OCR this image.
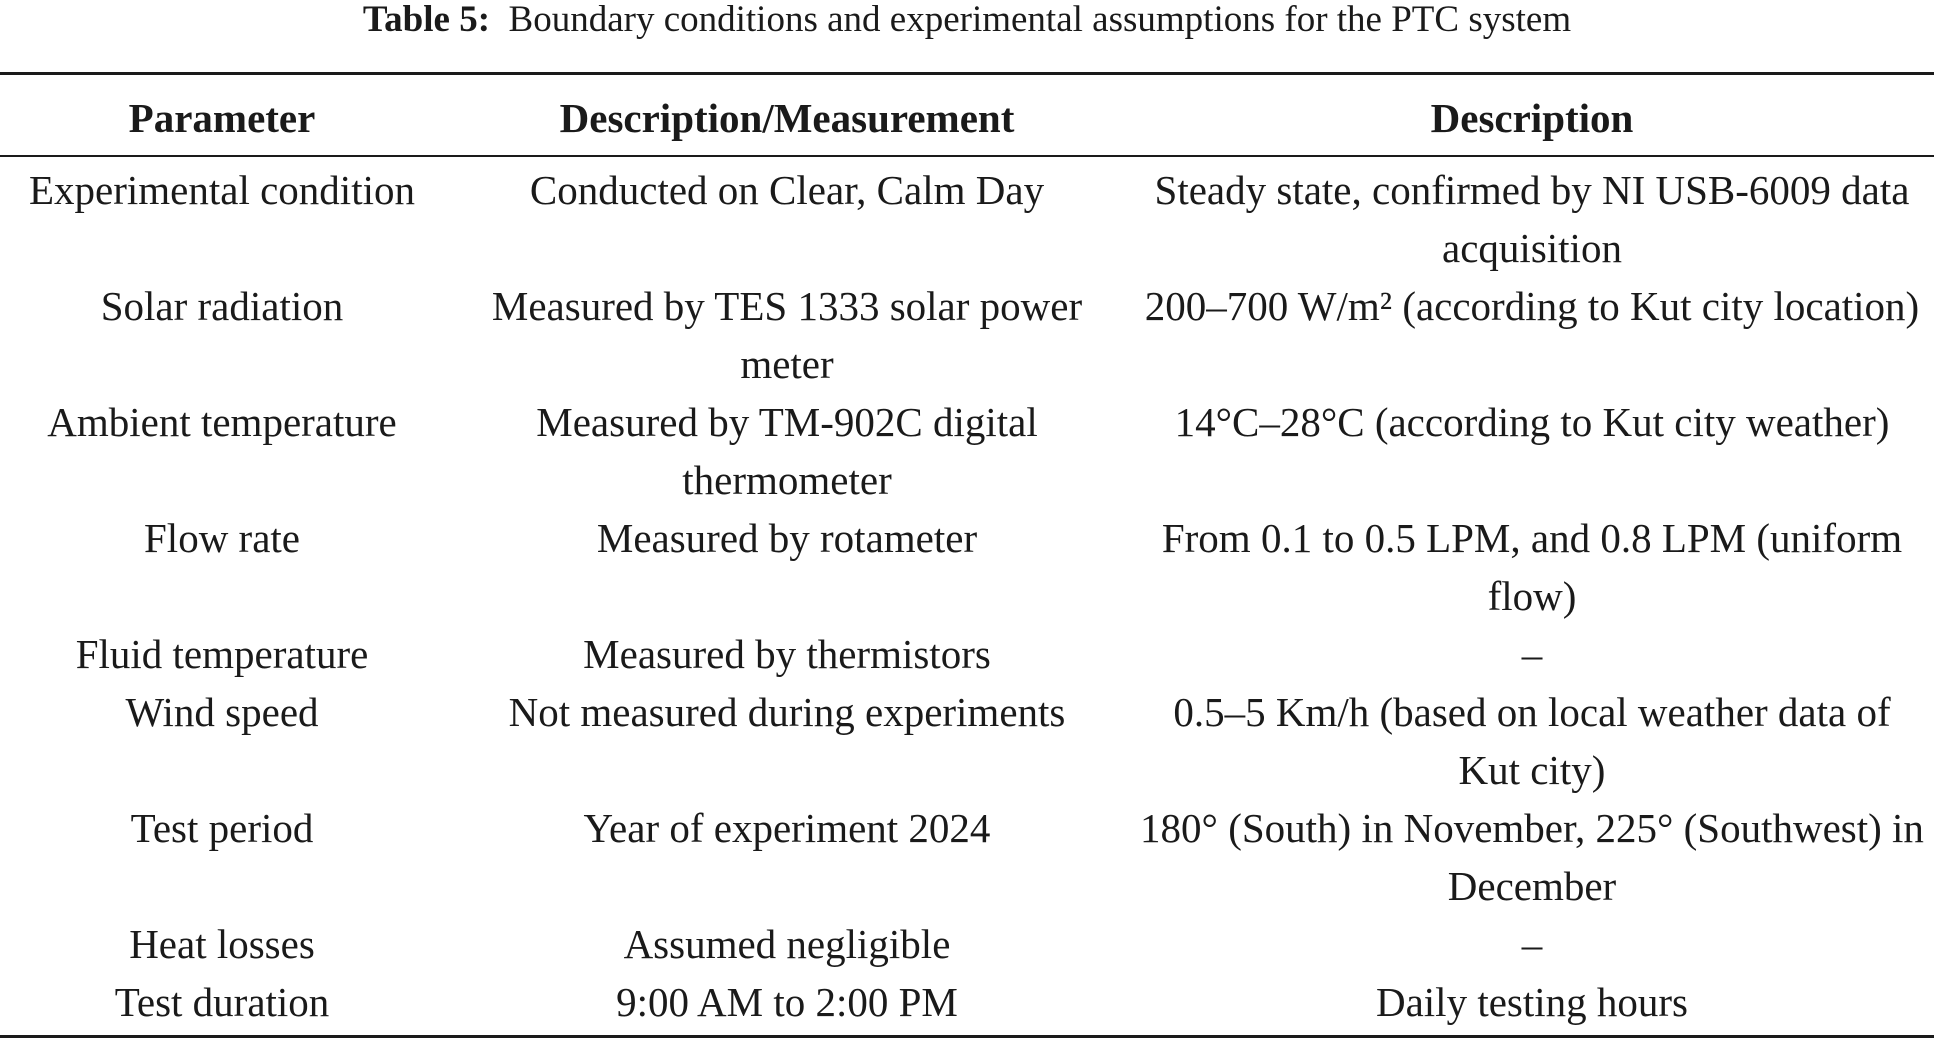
Table 5: Boundary conditions and experimental assumptions for the PTC system
Parameter	Description/Measurement	Description
Experimental condition	Conducted on Clear, Calm Day	Steady state, confirmed by NI USB-6009 data acquisition
Solar radiation	Measured by TES 1333 solar power meter	200–700 W/m² (according to Kut city location)
Ambient temperature	Measured by TM-902C digital thermometer	14°C–28°C (according to Kut city weather)
Flow rate	Measured by rotameter	From 0.1 to 0.5 LPM, and 0.8 LPM (uniform flow)
Fluid temperature	Measured by thermistors	–
Wind speed	Not measured during experiments	0.5–5 Km/h (based on local weather data of Kut city)
Test period	Year of experiment 2024	180° (South) in November, 225° (Southwest) in December
Heat losses	Assumed negligible	–
Test duration	9:00 AM to 2:00 PM	Daily testing hours
